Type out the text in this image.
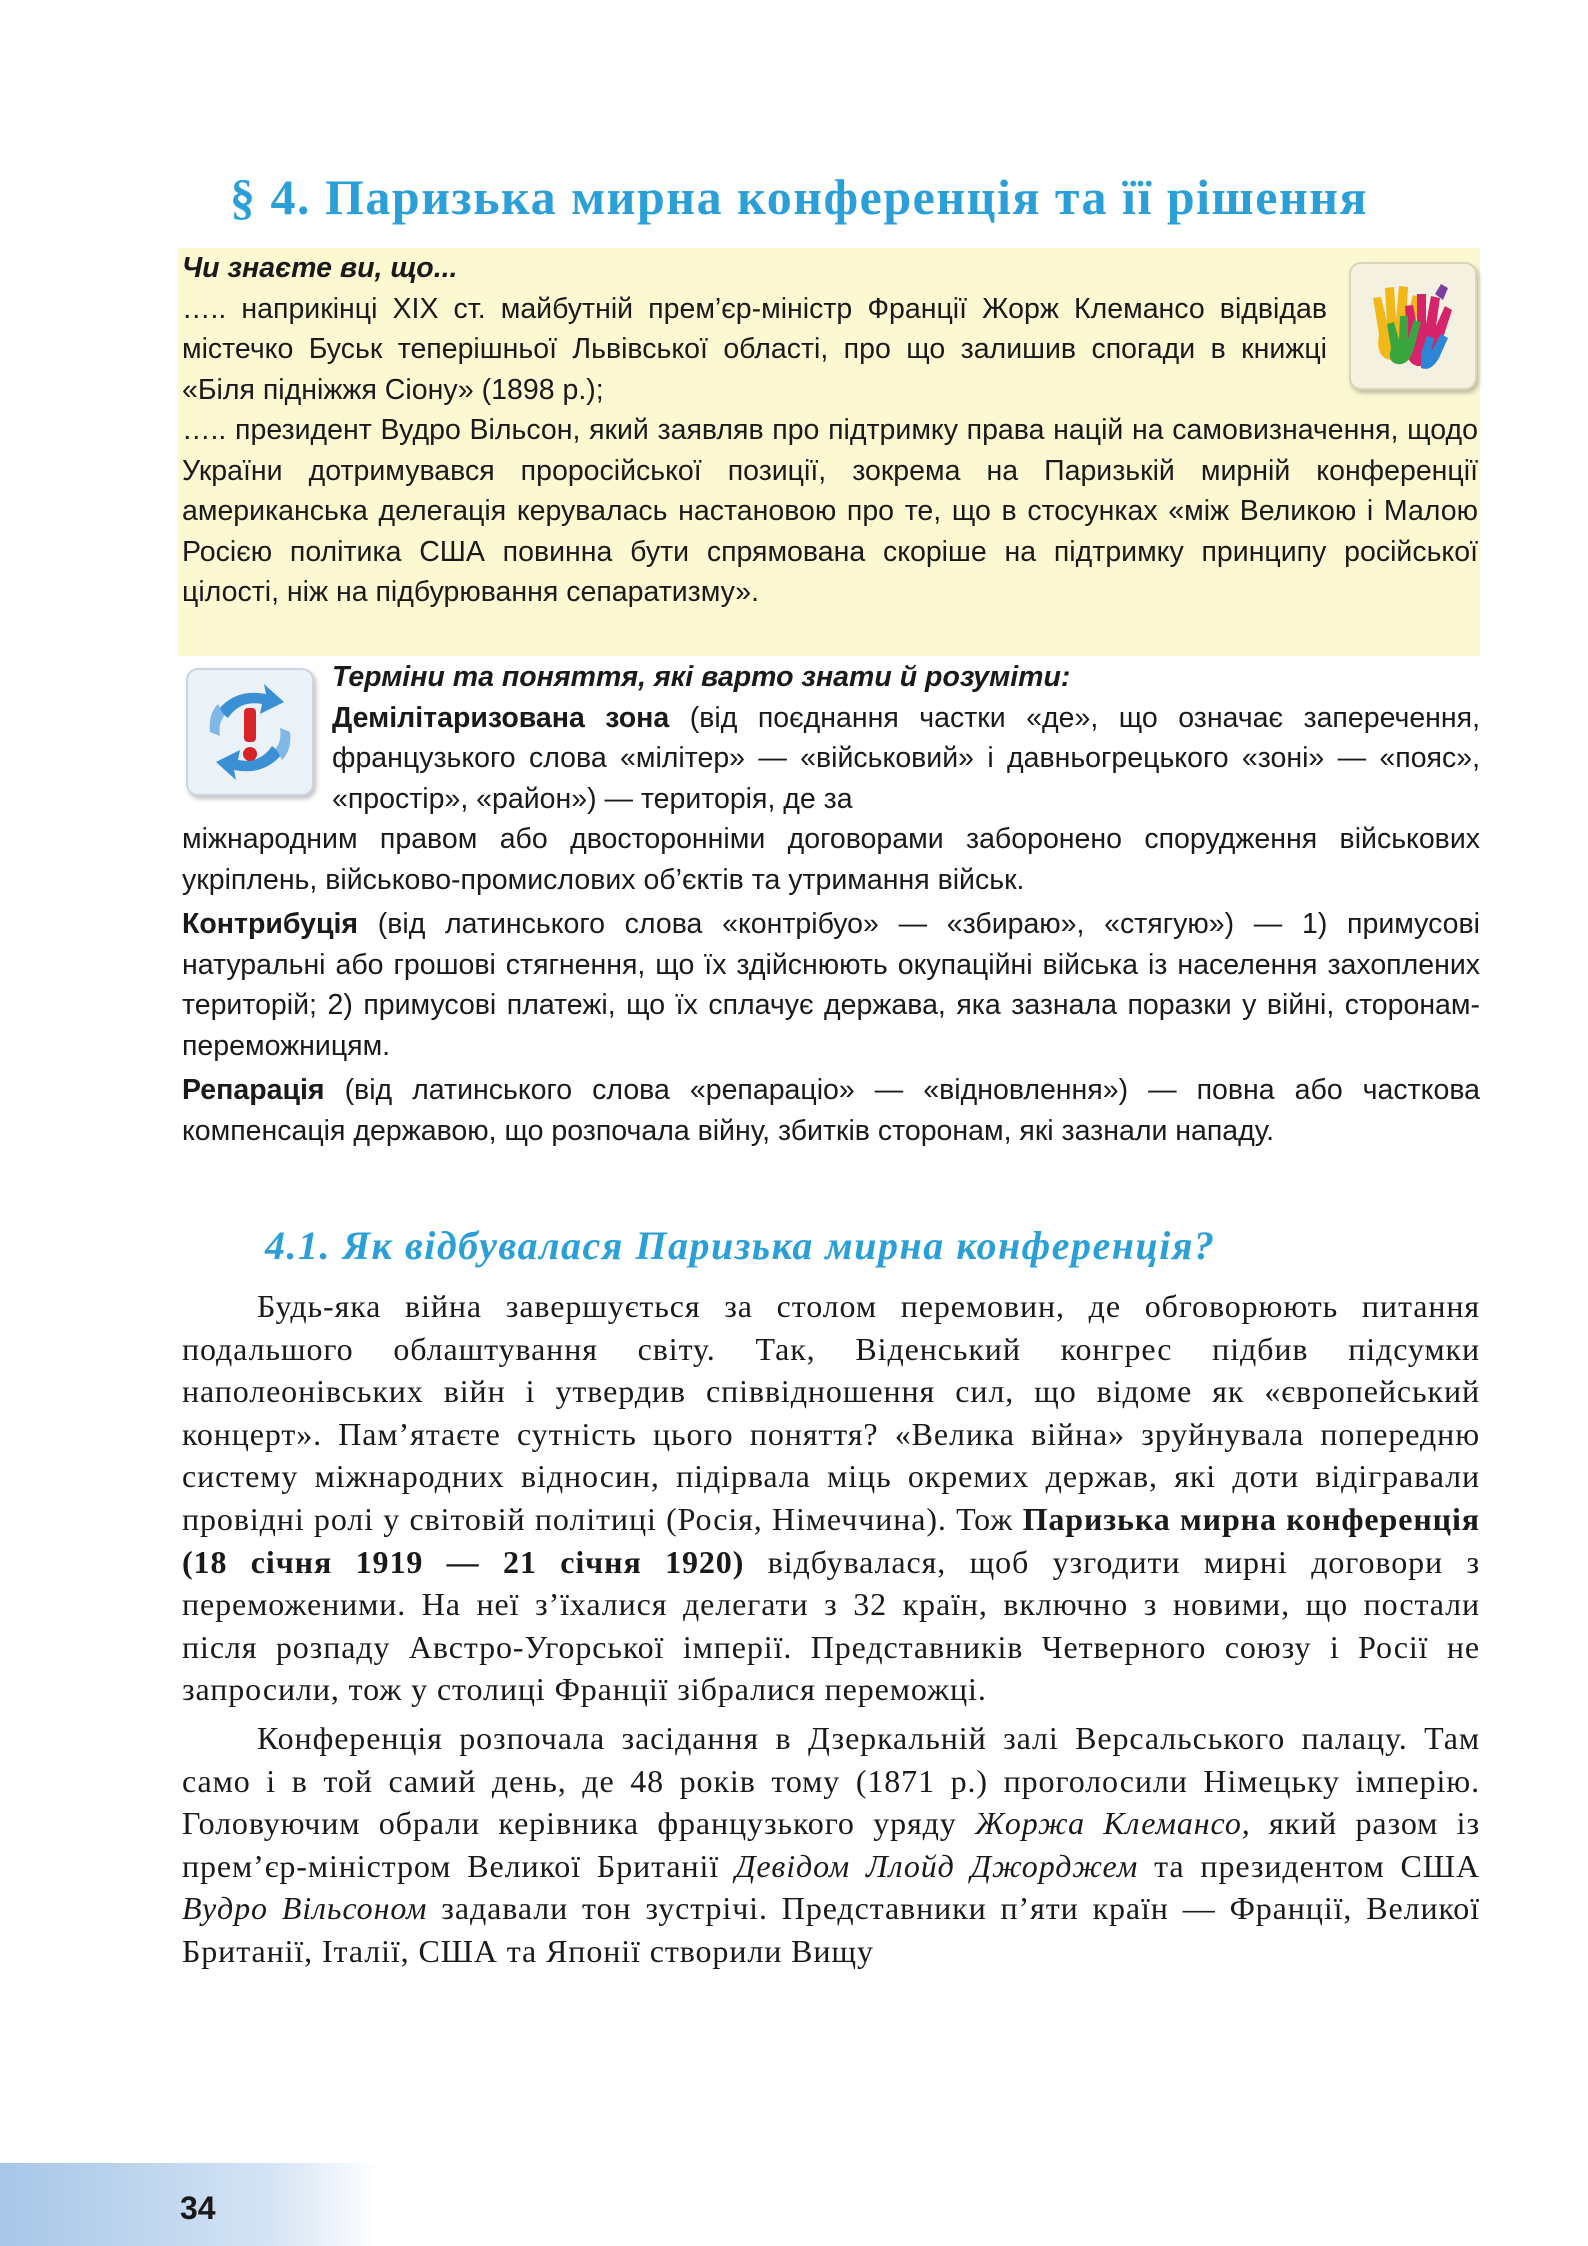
§ 4. Паризька мирна конференція та її рішення

Чи знаєте ви, що...

….. наприкінці XIX ст. майбутній прем’єр-міністр Франції Жорж Клемансо відвідав містечко Буськ теперішньої Львівської області, про що залишив спогади в книжці «Біля підніжжя Сіону» (1898 р.);

….. президент Вудро Вільсон, який заявляв про підтримку права націй на самовизначення, щодо України дотримувався проросійської позиції, зокрема на Паризькій мирній конференції американська делегація керувалась настановою про те, що в стосунках «між Великою і Малою Росією політика США повинна бути спрямована скоріше на підтримку принципу російської цілості, ніж на підбурювання сепаратизму».

Терміни та поняття, які варто знати й розуміти:

Демілітаризована зона (від поєднання частки «де», що означає заперечення, французького слова «мілітер» — «військовий» і давньогрецького «зоні» — «пояс», «простір», «район») — територія, де за

міжнародним правом або двосторонніми договорами заборонено спорудження військових укріплень, військово-промислових об’єктів та утримання військ.

Контрибуція (від латинського слова «контрібуо» — «збираю», «стягую») — 1) примусові натуральні або грошові стягнення, що їх здійснюють окупаційні війська із населення захоплених територій; 2) примусові платежі, що їх сплачує держава, яка зазнала поразки у війні, сторонам-переможницям.

Репарація (від латинського слова «репараціо» — «відновлення») — повна або часткова компенсація державою, що розпочала війну, збитків сторонам, які зазнали нападу.

4.1. Як відбувалася Паризька мирна конференція?

Будь-яка війна завершується за столом перемовин, де обговорюють питання подальшого облаштування світу. Так, Віденський конгрес підбив підсумки наполеонівських війн і утвердив співвідношення сил, що відоме як «європейський концерт». Пам’ятаєте сутність цього поняття? «Велика війна» зруйнувала попередню систему міжнародних відносин, підірвала міць окремих держав, які доти відігравали провідні ролі у світовій політиці (Росія, Німеччина). Тож Паризька мирна конференція (18 січня 1919 — 21 січня 1920) відбувалася, щоб узгодити мирні договори з переможеними. На неї з’їхалися делегати з 32 країн, включно з новими, що постали після розпаду Австро-Угорської імперії. Представників Четверного союзу і Росії не запросили, тож у столиці Франції зібралися переможці.

Конференція розпочала засідання в Дзеркальній залі Версальського палацу. Там само і в той самий день, де 48 років тому (1871 р.) проголосили Німецьку імперію. Головуючим обрали керівника французького уряду Жоржа Клемансо, який разом із прем’єр-міністром Великої Британії Девідом Ллойд Джорджем та президентом США Вудро Вільсоном задавали тон зустрічі. Представники п’яти країн — Франції, Великої Британії, Італії, США та Японії створили Вищу

34
